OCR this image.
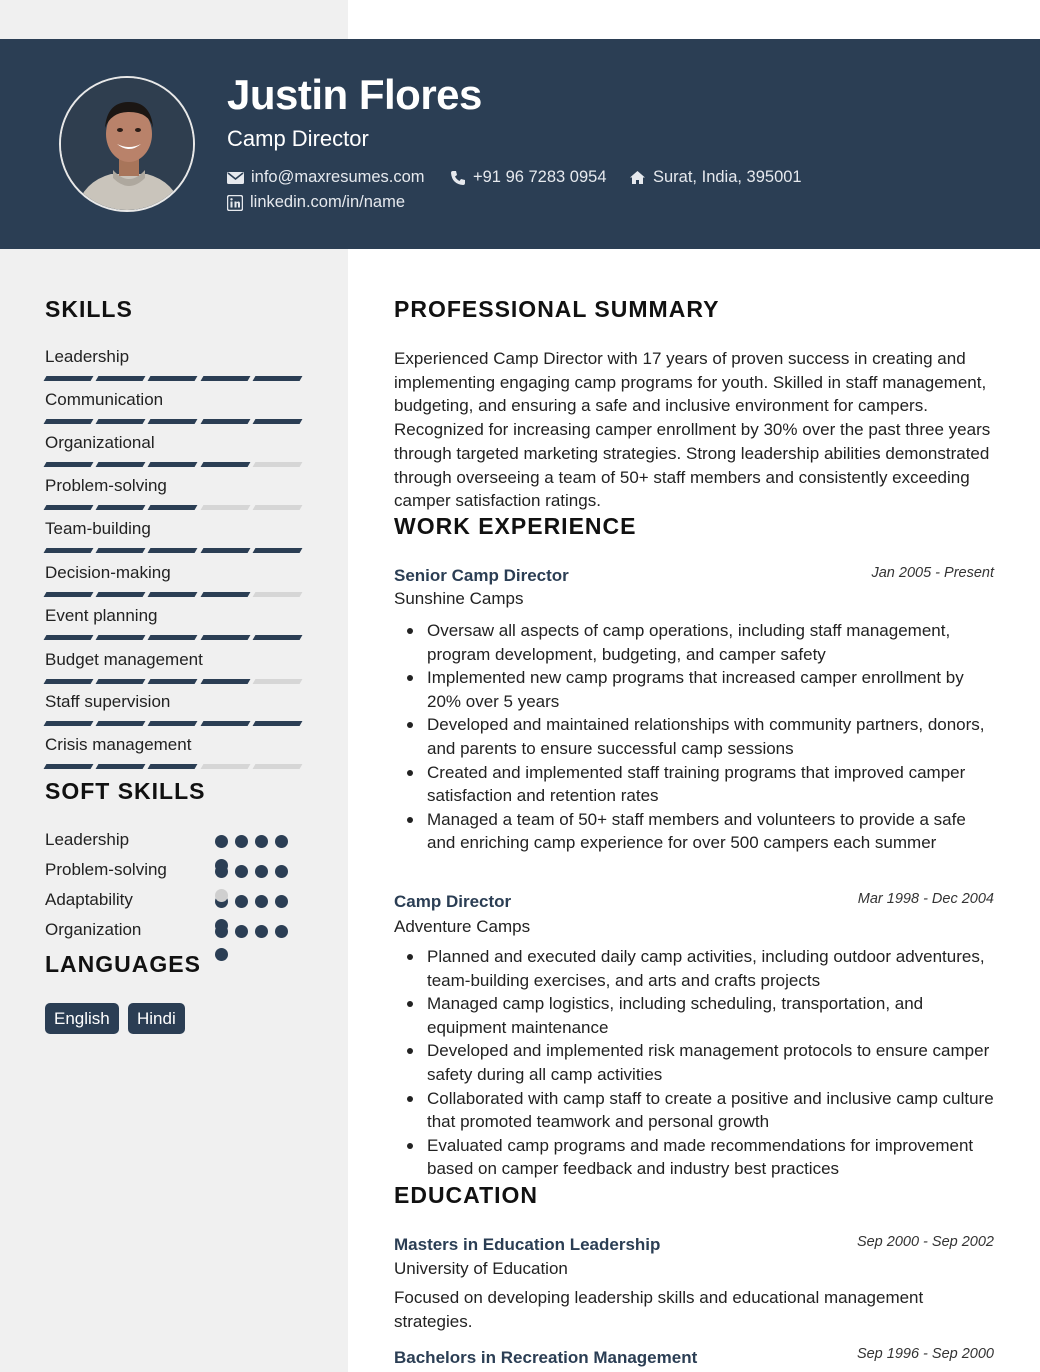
Justin Flores
Camp Director
info@maxresumes.com	+91 96 7283 0954	Surat, India, 395001
linkedin.com/in/name
SKILLS
Leadership
Communication
Organizational
Problem-solving
Team-building
Decision-making
Event planning
Budget management
Staff supervision
Crisis management
SOFT SKILLS
Leadership
Problem-solving
Adaptability
Organization
LANGUAGES
English	Hindi
PROFESSIONAL SUMMARY
Experienced Camp Director with 17 years of proven success in creating and implementing engaging camp programs for youth. Skilled in staff management, budgeting, and ensuring a safe and inclusive environment for campers. Recognized for increasing camper enrollment by 30% over the past three years through targeted marketing strategies. Strong leadership abilities demonstrated through overseeing a team of 50+ staff members and consistently exceeding camper satisfaction ratings.
WORK EXPERIENCE
Senior Camp Director	Jan 2005 - Present
Sunshine Camps
Oversaw all aspects of camp operations, including staff management, program development, budgeting, and camper safety
Implemented new camp programs that increased camper enrollment by 20% over 5 years
Developed and maintained relationships with community partners, donors, and parents to ensure successful camp sessions
Created and implemented staff training programs that improved camper satisfaction and retention rates
Managed a team of 50+ staff members and volunteers to provide a safe and enriching camp experience for over 500 campers each summer
Camp Director	Mar 1998 - Dec 2004
Adventure Camps
Planned and executed daily camp activities, including outdoor adventures, team-building exercises, and arts and crafts projects
Managed camp logistics, including scheduling, transportation, and equipment maintenance
Developed and implemented risk management protocols to ensure camper safety during all camp activities
Collaborated with camp staff to create a positive and inclusive camp culture that promoted teamwork and personal growth
Evaluated camp programs and made recommendations for improvement based on camper feedback and industry best practices
EDUCATION
Masters in Education Leadership	Sep 2000 - Sep 2002
University of Education
Focused on developing leadership skills and educational management strategies.
Bachelors in Recreation Management	Sep 1996 - Sep 2000
